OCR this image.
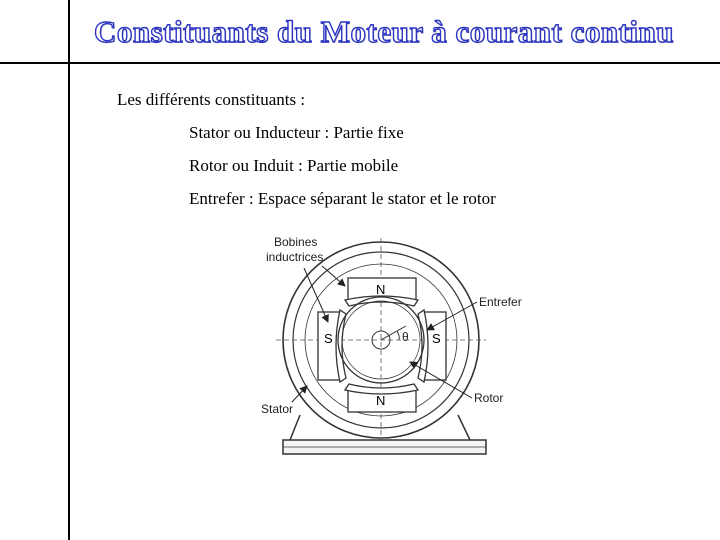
Constituants du Moteur à courant continu
Les différents constituants :
Stator ou Inducteur : Partie fixe
Rotor ou Induit : Partie mobile
Entrefer : Espace séparant le stator et le rotor
N
N
S	S
θ
Bobines
inductrices
Entrefer
Stator
Rotor
